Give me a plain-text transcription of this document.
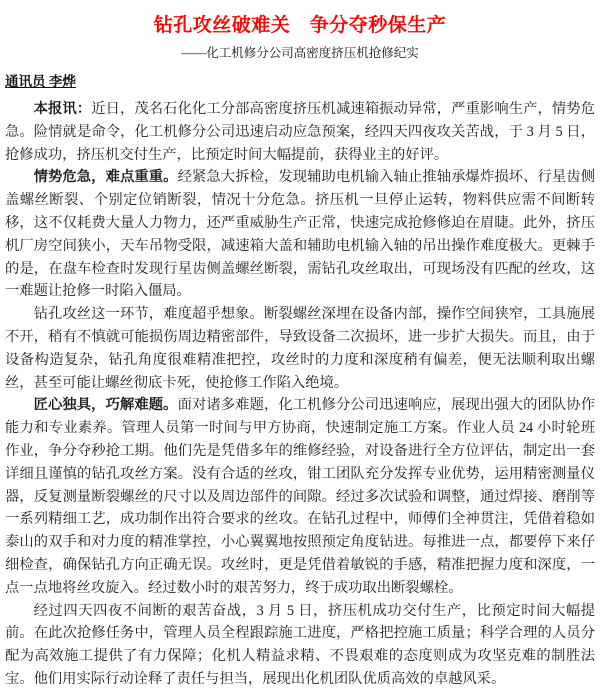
钻孔攻丝破难关　争分夺秒保生产
——化工机修分公司高密度挤压机抢修纪实
通讯员 李烨

本报讯：近日，茂名石化化工分部高密度挤压机减速箱振动异常，严重影响生产，情势危急。险情就是命令，化工机修分公司迅速启动应急预案，经四天四夜攻关苦战，于 3 月 5 日，抢修成功，挤压机交付生产，比预定时间大幅提前，获得业主的好评。

情势危急，难点重重。经紧急大拆检，发现辅助电机输入轴止推轴承爆炸损坏、行星齿侧盖螺丝断裂、个别定位销断裂，情况十分危急。挤压机一旦停止运转，物料供应需不间断转移，这不仅耗费大量人力物力，还严重威胁生产正常，快速完成抢修修迫在眉睫。此外，挤压机厂房空间狭小，天车吊物受限，减速箱大盖和辅助电机输入轴的吊出操作难度极大。更棘手的是，在盘车检查时发现行星齿侧盖螺丝断裂，需钻孔攻丝取出，可现场没有匹配的丝攻，这一难题让抢修一时陷入僵局。

钻孔攻丝这一环节，难度超乎想象。断裂螺丝深埋在设备内部，操作空间狭窄，工具施展不开，稍有不慎就可能损伤周边精密部件，导致设备二次损坏，进一步扩大损失。而且，由于设备构造复杂，钻孔角度很难精准把控，攻丝时的力度和深度稍有偏差，便无法顺利取出螺丝，甚至可能让螺丝彻底卡死，使抢修工作陷入绝境。

匠心独具，巧解难题。面对诸多难题，化工机修分公司迅速响应，展现出强大的团队协作能力和专业素养。管理人员第一时间与甲方协商，快速制定施工方案。作业人员 24 小时轮班作业，争分夺秒抢工期。他们先是凭借多年的维修经验，对设备进行全方位评估，制定出一套详细且谨慎的钻孔攻丝方案。没有合适的丝攻，钳工团队充分发挥专业优势，运用精密测量仪器，反复测量断裂螺丝的尺寸以及周边部件的间隙。经过多次试验和调整，通过焊接、磨削等一系列精细工艺，成功制作出符合要求的丝攻。在钻孔过程中，师傅们全神贯注，凭借着稳如泰山的双手和对力度的精准掌控，小心翼翼地按照预定角度钻进。每推进一点，都要停下来仔细检查，确保钻孔方向正确无误。攻丝时，更是凭借着敏锐的手感，精准把握力度和深度，一点一点地将丝攻旋入。经过数小时的艰苦努力，终于成功取出断裂螺栓。

经过四天四夜不间断的艰苦奋战，3 月 5 日，挤压机成功交付生产，比预定时间大幅提前。在此次抢修任务中，管理人员全程跟踪施工进度，严格把控施工质量；科学合理的人员分配为高效施工提供了有力保障；化机人精益求精、不畏艰难的态度则成为攻坚克难的制胜法宝。他们用实际行动诠释了责任与担当，展现出化机团队优质高效的卓越风采。
